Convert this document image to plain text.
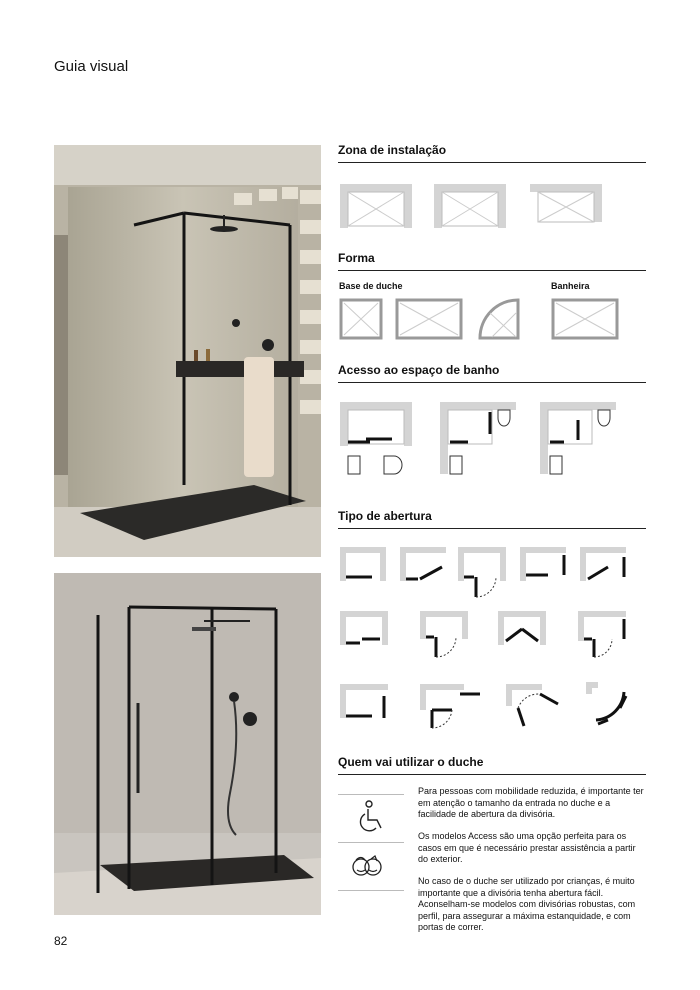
Guia visual
Zona de instalação
Forma
Base de duche	Banheira
Acesso ao espaço de banho
Tipo de abertura
Quem vai utilizar o duche
Para pessoas com mobilidade reduzida, é importante ter em atenção o tamanho da entrada no duche e a facilidade de abertura da divisória.
Os modelos Access são uma opção perfeita para os casos em que é necessário prestar assistência a partir do exterior.
No caso de o duche ser utilizado por crianças, é muito importante que a divisória tenha abertura fácil. Aconselham-se modelos com divisórias robustas, com perfil, para assegurar a máxima estanquidade, e com portas de correr.
82
